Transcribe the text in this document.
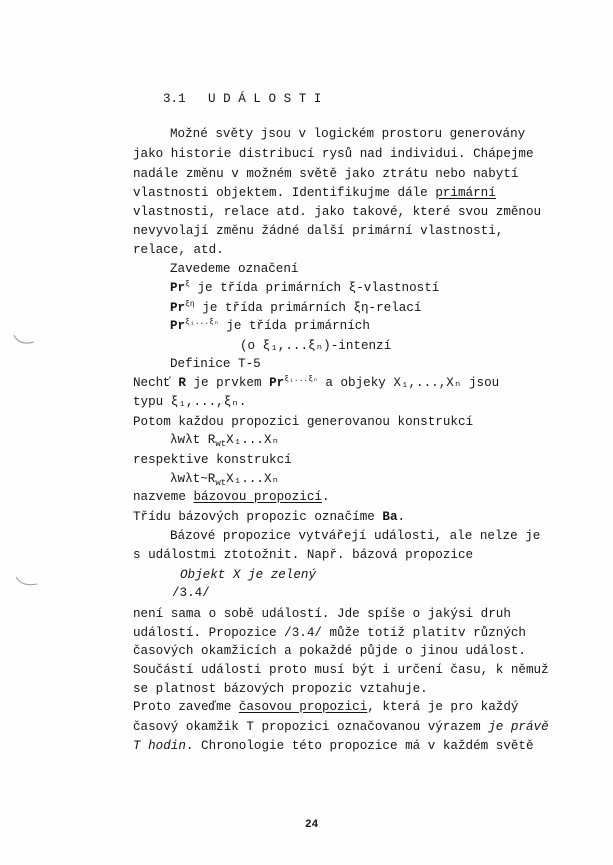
3.1 U D Á L O S T I
Možné světy jsou v logickém prostoru generovány
jako historie distribucí rysů nad individui. Chápejme
nadále změnu v možném světě jako ztrátu nebo nabytí
vlastnosti objektem. Identifikujme dále primární
vlastnosti, relace atd. jako takové, které svou změnou
nevyvolají změnu žádné další primární vlastnosti,
relace, atd.
Zavedeme označení
$Pr^\xi$ je třída primárních ξ-vlastností
$Pr^{\xi\eta}$ je třída primárních ξη-relací
$Pr^{\xi_1...\xi_n}$ je třída primárních
(o ξ₁,...ξₙ)-intenzí
Definice T-5
Nechť R je prvkem $Pr^{\xi_1...\xi_n}$ a objeky X₁,...,Xₙ jsou
typu ξ₁,...,ξₙ.
Potom každou propozici generovanou konstrukcí
λwλt $R_{wt}X_1...X_n$
respektive konstrukcí
$\lambda w\lambda t\sim R_{wt}X_1...X_n$
nazveme bázovou propozicí.
Třídu bázových propozic označíme Ba.
Bázové propozice vytvářejí události, ale nelze je
s událostmi ztotožnit. Např. bázová propozice
Objekt X je zelený
/3.4/
není sama o sobě událostí. Jde spíše o jakýsi druh
událostí. Propozice /3.4/ může totiž platitv různých
časových okamžicích a pokaždé půjde o jinou událost.
Součástí události proto musí být i určení času, k němuž
se platnost bázových propozic vztahuje.
Proto zaveďme časovou propozici, která je pro každý
časový okamžik T propozici označovanou výrazem je právě
T hodin. Chronologie této propozice má v každém světě
24
